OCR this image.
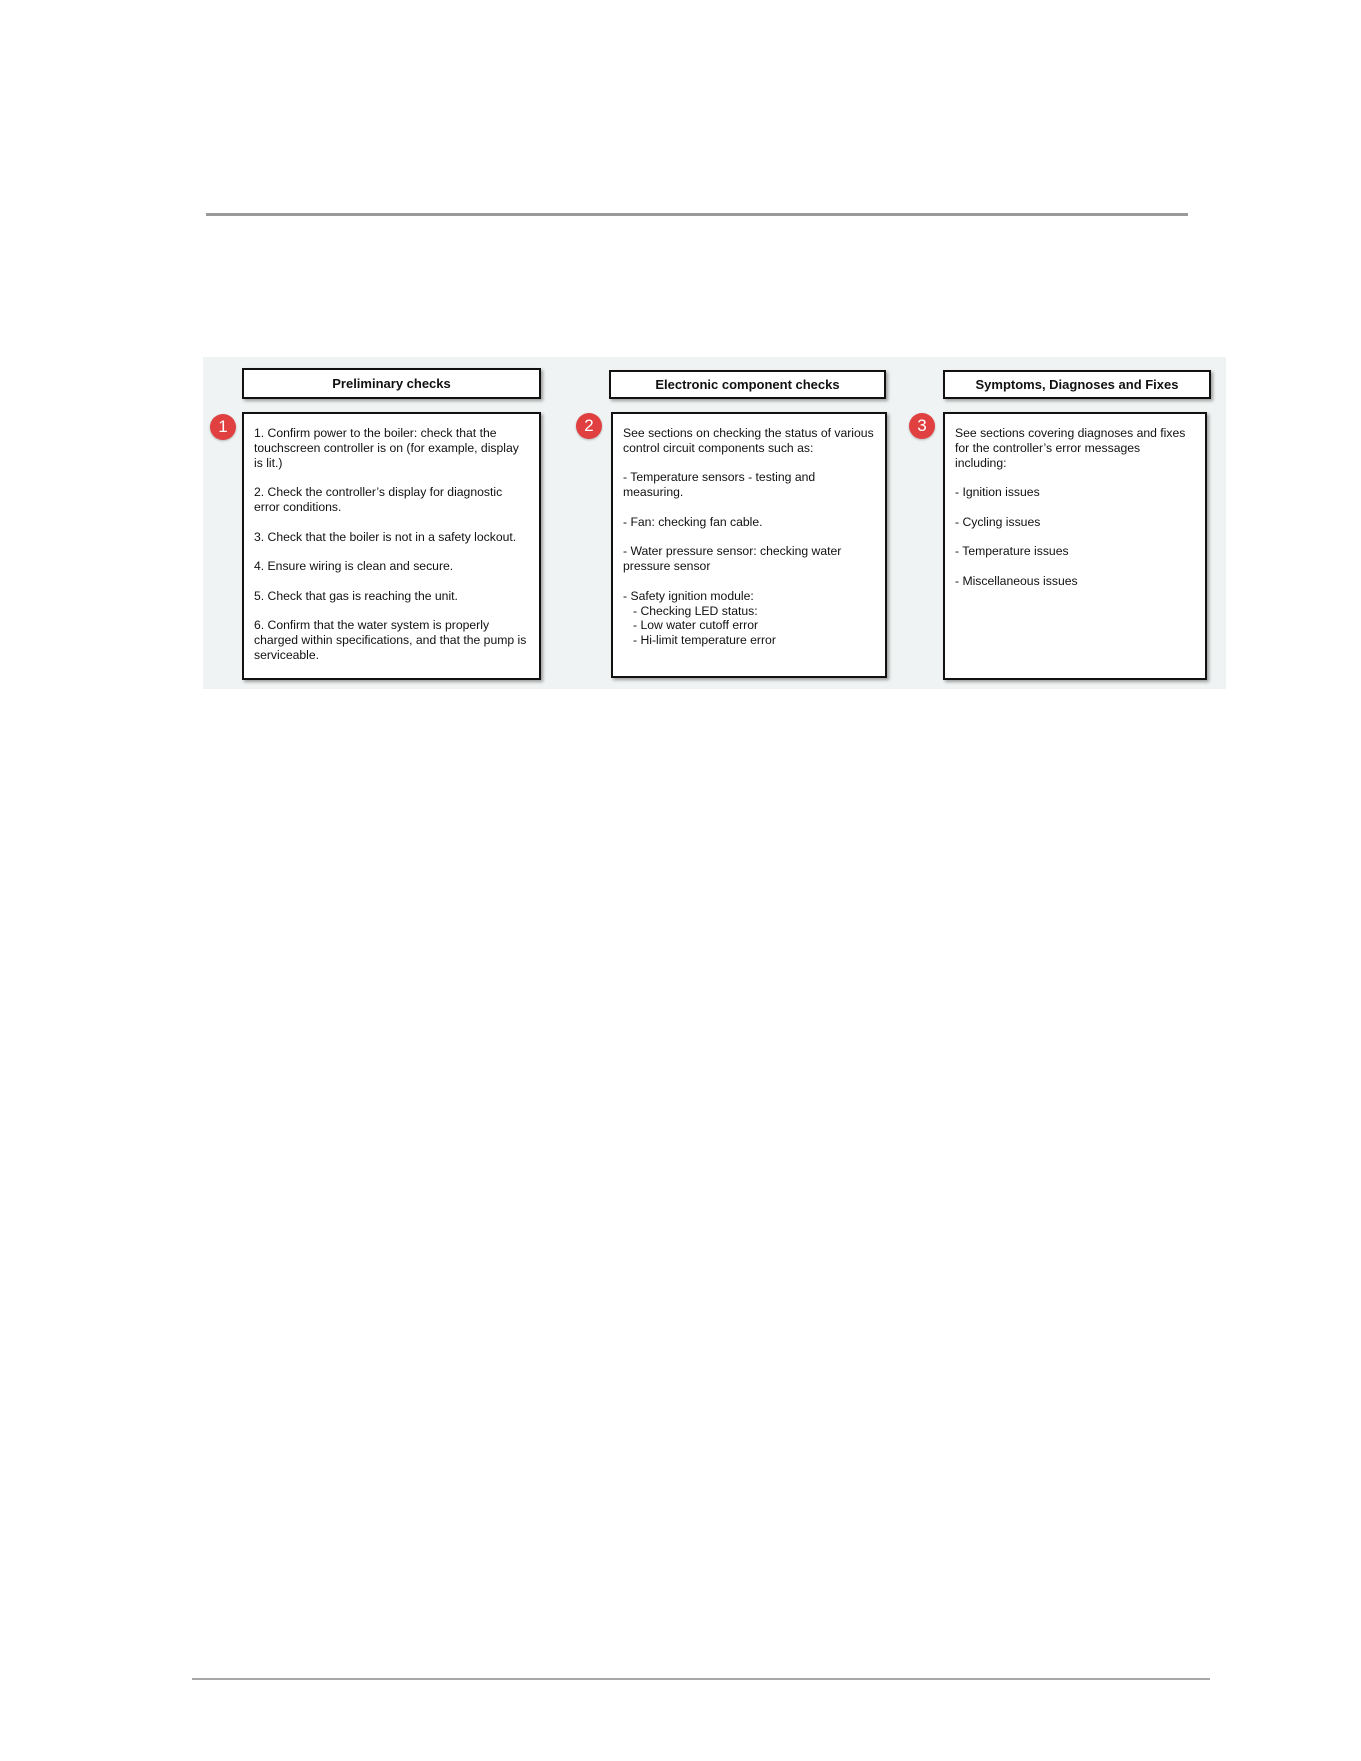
Preliminary checks
1 1. Confirm power to the boiler: check that the touchscreen controller is on (for example, display is lit.)

2. Check the controller’s display for diagnostic error conditions.

3. Check that the boiler is not in a safety lockout.

4. Ensure wiring is clean and secure.

5. Check that gas is reaching the unit.

6. Confirm that the water system is properly charged within specifications, and that the pump is serviceable.

Electronic component checks
2 See sections on checking the status of various control circuit components such as:

- Temperature sensors - testing and measuring.

- Fan: checking fan cable.

- Water pressure sensor: checking water pressure sensor

- Safety ignition module:

- Checking LED status:

- Low water cutoff error

- Hi-limit temperature error

Symptoms, Diagnoses and Fixes
3 See sections covering diagnoses and fixes for the controller’s error messages including:

- Ignition issues

- Cycling issues

- Temperature issues

- Miscellaneous issues
